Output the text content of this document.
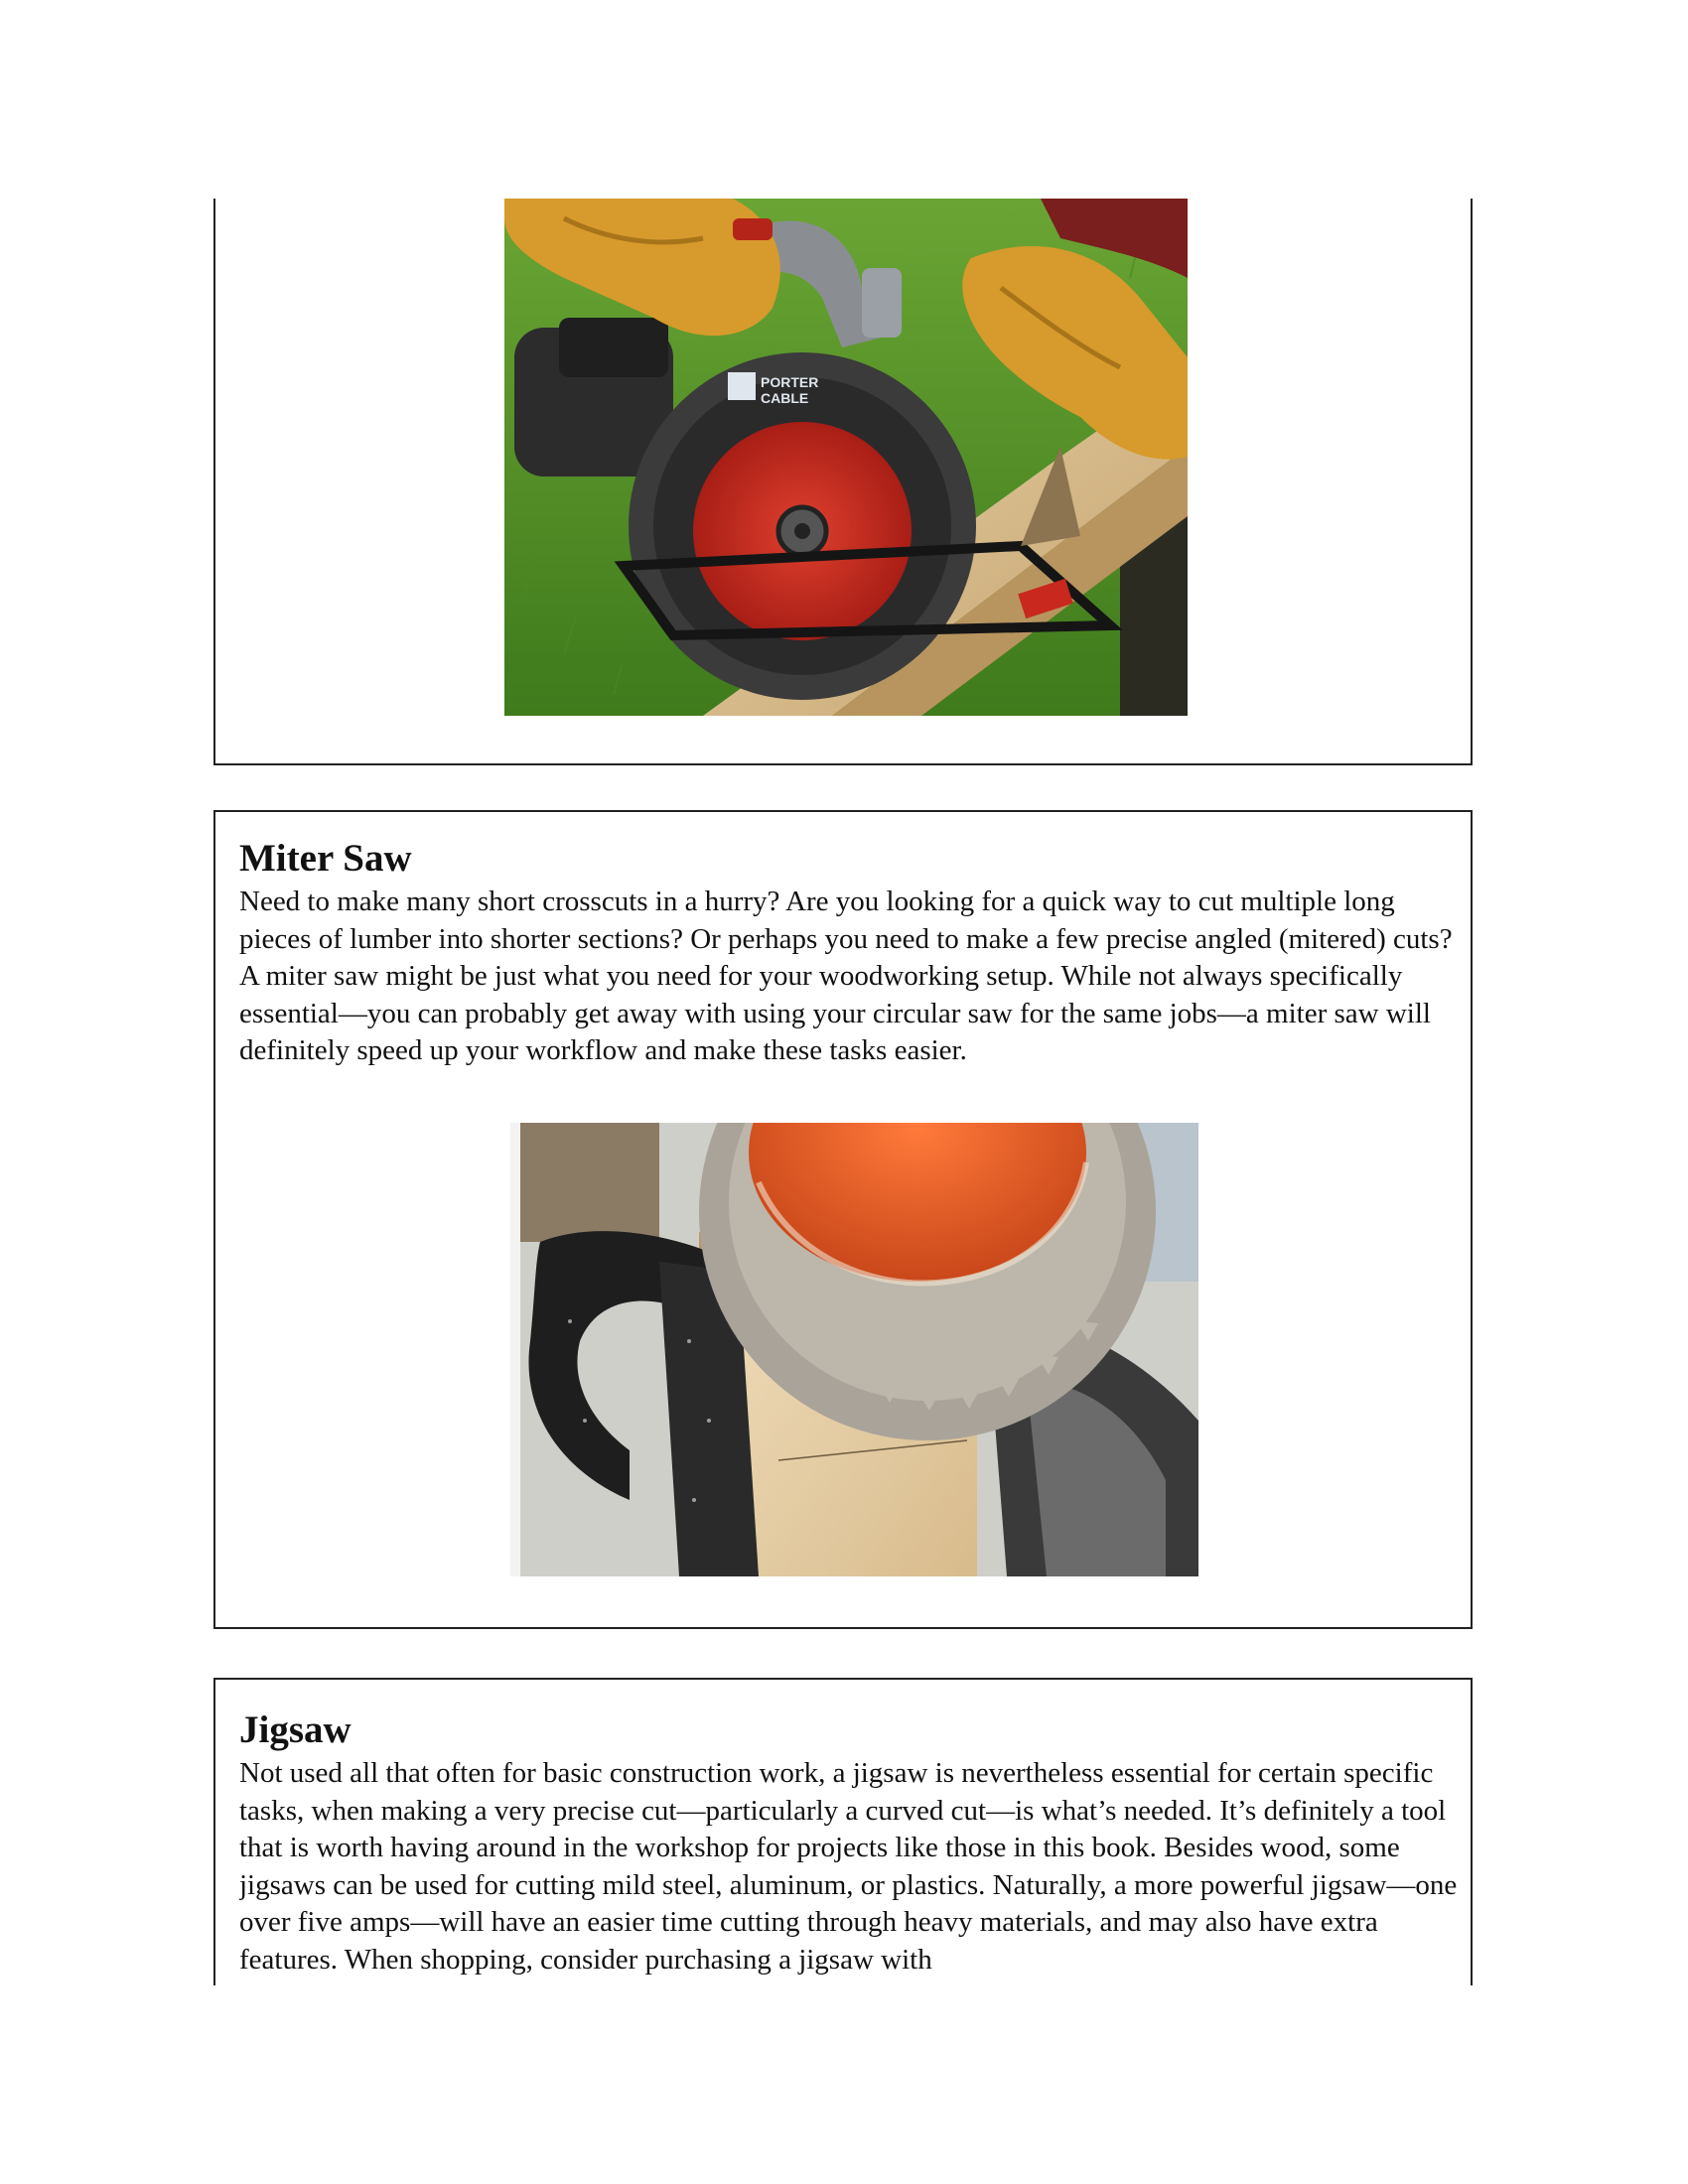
PORTER
CABLE
Miter Saw

Need to make many short crosscuts in a hurry? Are you looking for a quick way to cut multiple long pieces of lumber into shorter sections? Or perhaps you need to make a few precise angled (mitered) cuts? A miter saw might be just what you need for your woodworking setup. While not always specifically essential—you can probably get away with using your circular saw for the same jobs—a miter saw will definitely speed up your workflow and make these tasks easier.

Jigsaw

Not used all that often for basic construction work, a jigsaw is nevertheless essential for certain specific tasks, when making a very precise cut—particularly a curved cut—is what’s needed. It’s definitely a tool that is worth having around in the workshop for projects like those in this book. Besides wood, some jigsaws can be used for cutting mild steel, aluminum, or plastics. Naturally, a more powerful jigsaw—one over five amps—will have an easier time cutting through heavy materials, and may also have extra features. When shopping, consider purchasing a jigsaw with
